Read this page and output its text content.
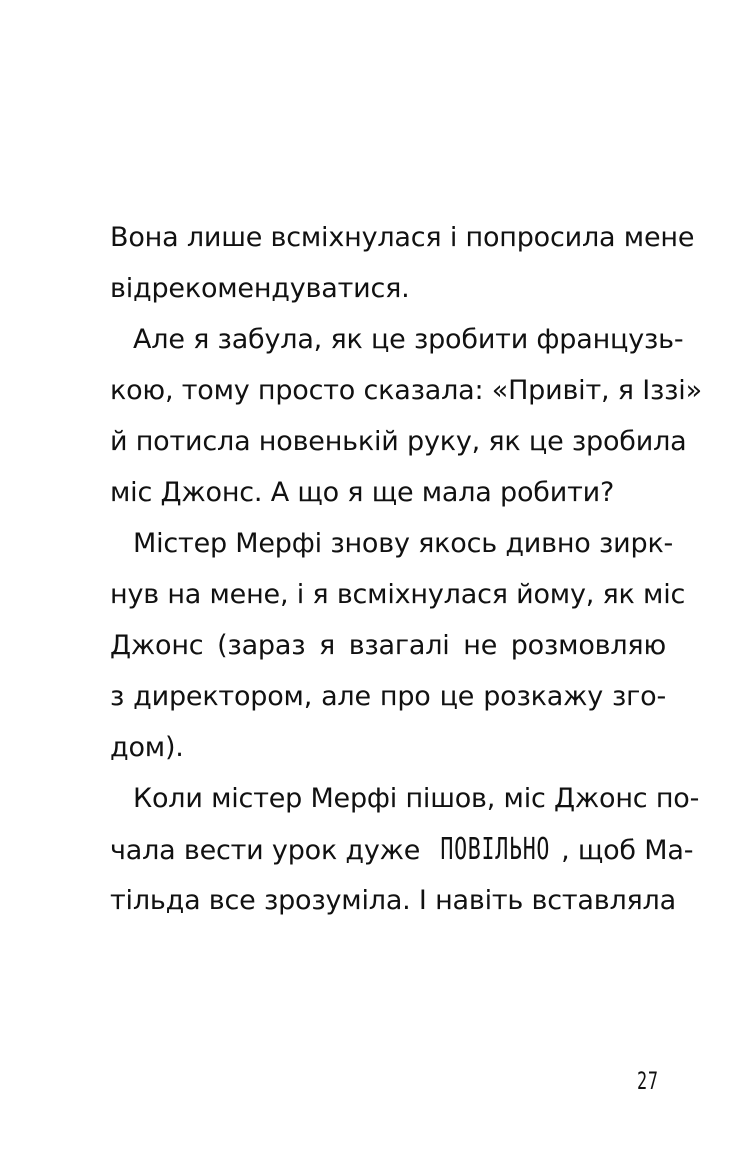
Вона лише всміхнулася і попросила мене
відрекомендуватися.
Але я забула, як це зробити французь-
кою, тому просто сказала: «Привіт, я Іззі»
й потисла новенькій руку, як це зробила
міс Джонс. А що я ще мала робити?
Містер Мерфі знову якось дивно зирк-
нув на мене, і я всміхнулася йому, як міс
Джонс (зараз я взагалі не розмовляю
з директором, але про це розкажу зго-
дом).
Коли містер Мерфі пішов, міс Джонс по-
чала вести урок дуже ПОВІЛЬНО , щоб Ма-
тільда все зрозуміла. І навіть вставляла
27
